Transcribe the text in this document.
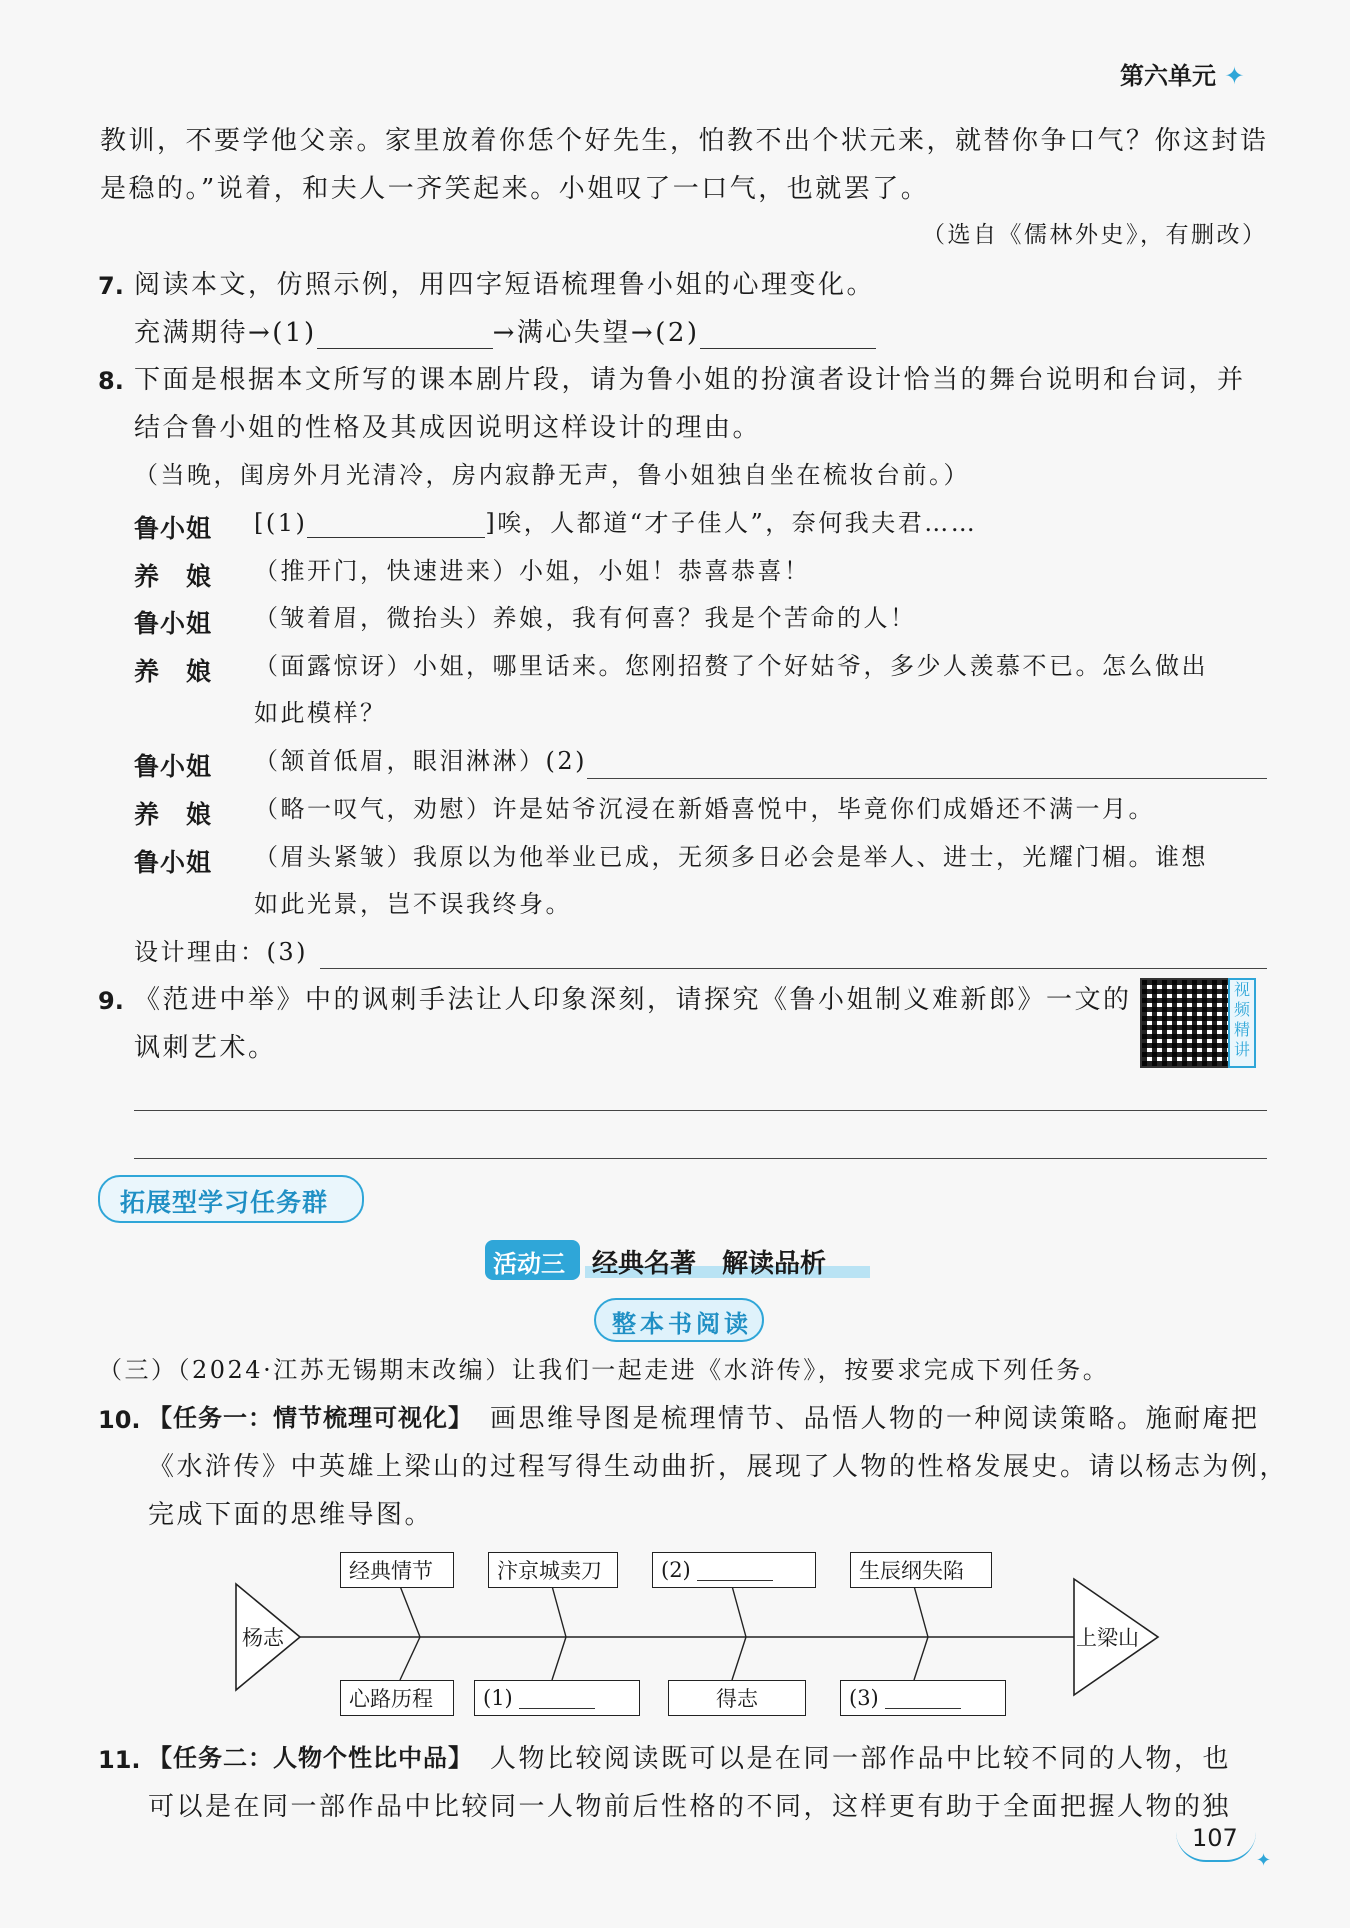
第六单元 ✦
教训，不要学他父亲。家里放着你恁个好先生，怕教不出个状元来，就替你争口气？你这封诰
是稳的。”说着，和夫人一齐笑起来。小姐叹了一口气，也就罢了。
（选自《儒林外史》，有删改）
7. 阅读本文，仿照示例，用四字短语梳理鲁小姐的心理变化。
充满期待→(1)	→满心失望→(2)
8. 下面是根据本文所写的课本剧片段，请为鲁小姐的扮演者设计恰当的舞台说明和台词，并
结合鲁小姐的性格及其成因说明这样设计的理由。
（当晚，闺房外月光清冷，房内寂静无声，鲁小姐独自坐在梳妆台前。）
鲁小姐 [(1)	]唉，人都道“才子佳人”，奈何我夫君……
养　娘 （推开门，快速进来）小姐，小姐！恭喜恭喜！
鲁小姐 （皱着眉，微抬头）养娘，我有何喜？我是个苦命的人！
养　娘 （面露惊讶）小姐，哪里话来。您刚招赘了个好姑爷，多少人羡慕不已。怎么做出
如此模样？
鲁小姐 （颔首低眉，眼泪淋淋）(2)
养　娘 （略一叹气，劝慰）许是姑爷沉浸在新婚喜悦中，毕竟你们成婚还不满一月。
鲁小姐 （眉头紧皱）我原以为他举业已成，无须多日必会是举人、进士，光耀门楣。谁想
如此光景，岂不误我终身。
设计理由：(3)
9. 《范进中举》中的讽刺手法让人印象深刻，请探究《鲁小姐制义难新郎》一文的
讽刺艺术。
视频精讲
拓展型学习任务群
活动三 经典名著　解读品析
整本书阅读
（三）（2024·江苏无锡期末改编）让我们一起走进《水浒传》，按要求完成下列任务。
10. 【任务一：情节梳理可视化】 画思维导图是梳理情节、品悟人物的一种阅读策略。施耐庵把
《水浒传》中英雄上梁山的过程写得生动曲折，展现了人物的性格发展史。请以杨志为例，
完成下面的思维导图。
杨志	上梁山
经典情节	汴京城卖刀	(2)	生辰纲失陷
心路历程	(1)	得志	(3)
11. 【任务二：人物个性比中品】 人物比较阅读既可以是在同一部作品中比较不同的人物，也
可以是在同一部作品中比较同一人物前后性格的不同，这样更有助于全面把握人物的独
107
✦
